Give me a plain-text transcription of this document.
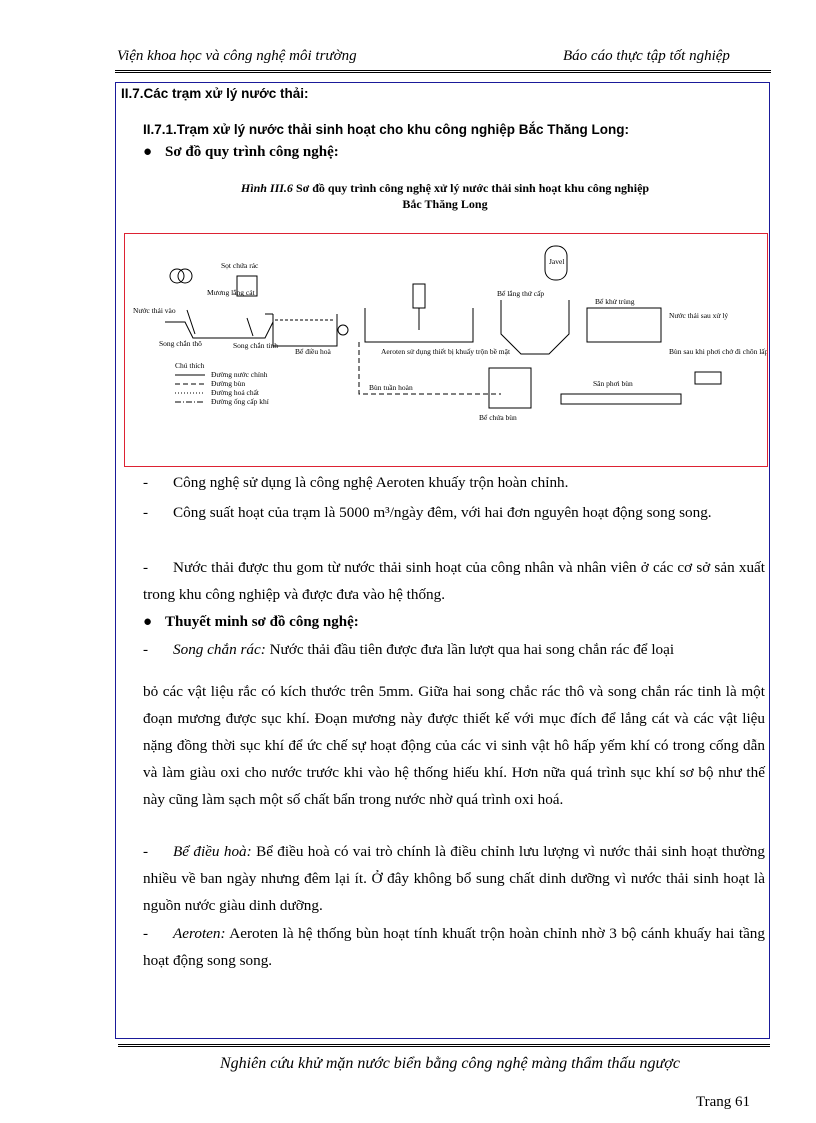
Viện khoa học và công nghệ môi trường	Báo cáo thực tập tốt nghiệp
II.7.Các trạm xử lý nước thải:
II.7.1.Trạm xử lý nước thải sinh hoạt cho khu công nghiệp Bắc Thăng Long:
● Sơ đồ quy trình công nghệ:
Hình III.6 Sơ đồ quy trình công nghệ xử lý nước thải sinh hoạt khu công nghiệp
Bắc Thăng Long
Sọt chứa rác
Mương lắng cát
Nước thải vào
Song chắn thô	Song chắn tinh
Bể điều hoà	Aeroten sử dụng thiết bị khuấy trộn bề mặt
Bể lắng thứ cấp
Javel
Bể khử trùng
Nước thải sau xử lý
Bùn tuần hoàn
Bể chứa bùn
Sân phơi bùn
Bùn sau khi phơi chở đi chôn lấp
Chú thích
Đường nước chính
Đường bùn
Đường hoá chất
Đường ống cấp khí
- Công nghệ sử dụng là công nghệ Aeroten khuấy trộn hoàn chỉnh.
- Công suất hoạt của trạm là 5000 m³/ngày đêm, với hai đơn nguyên hoạt động song song.
- Nước thải được thu gom từ nước thải sinh hoạt của công nhân và nhân viên ở các cơ sở sản xuất trong khu công nghiệp và được đưa vào hệ thống.
● Thuyết minh sơ đồ công nghệ:
- Song chắn rác: Nước thải đầu tiên được đưa lần lượt qua hai song chắn rác để loại
bỏ các vật liệu rắc có kích thước trên 5mm. Giữa hai song chắc rác thô và song chắn rác tinh là một đoạn mương được sục khí. Đoạn mương này được thiết kế với mục đích để lắng cát và các vật liệu nặng đồng thời sục khí để ức chế sự hoạt động của các vi sinh vật hô hấp yếm khí có trong cống dẫn và làm giàu oxi cho nước trước khi vào hệ thống hiếu khí. Hơn nữa quá trình sục khí sơ bộ như thế này cũng làm sạch một số chất bẩn trong nước nhờ quá trình oxi hoá.
- Bể điều hoà: Bể điều hoà có vai trò chính là điều chỉnh lưu lượng vì nước thải sinh hoạt thường nhiều về ban ngày nhưng đêm lại ít. Ở đây không bổ sung chất dinh dưỡng vì nước thải sinh hoạt là nguồn nước giàu dinh dưỡng.
- Aeroten: Aeroten là hệ thống bùn hoạt tính khuất trộn hoàn chỉnh nhờ 3 bộ cánh khuấy hai tầng hoạt động song song.
Nghiên cứu khử mặn nước biển bằng công nghệ màng thẩm thấu ngược
Trang 61
